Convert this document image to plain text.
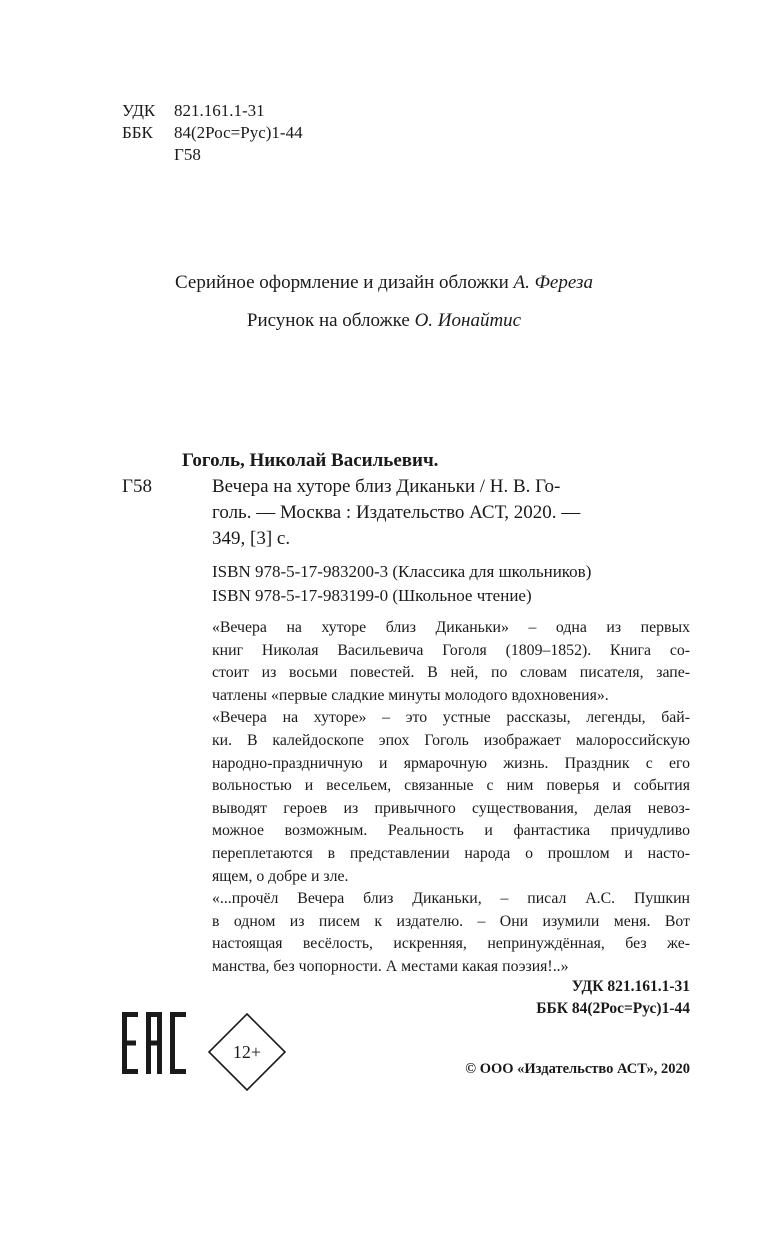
УДК 821.161.1-31
ББК 84(2Рос=Рус)1-44
Г58

Серийное оформление и дизайн обложки А. Фереза

Рисунок на обложке О. Ионайтис

Гоголь, Николай Васильевич.

Г58	Вечера на хуторе близ Диканьки / Н. В. Го-

голь. — Москва : Издательство АСТ, 2020. —

349, [3] с.

ISBN 978-5-17-983200-3 (Классика для школьников)

ISBN 978-5-17-983199-0 (Школьное чтение)

«Вечера на хуторе близ Диканьки» – одна из первых
книг Николая Васильевича Гоголя (1809–1852). Книга со-
стоит из восьми повестей. В ней, по словам писателя, запе-
чатлены «первые сладкие минуты молодого вдохновения».
«Вечера на хуторе» – это устные рассказы, легенды, бай-
ки. В калейдоскопе эпох Гоголь изображает малороссийскую
народно-праздничную и ярмарочную жизнь. Праздник с его
вольностью и весельем, связанные с ним поверья и события
выводят героев из привычного существования, делая невоз-
можное возможным. Реальность и фантастика причудливо
переплетаются в представлении народа о прошлом и насто-
ящем, о добре и зле.
«...прочёл Вечера близ Диканьки, – писал А.С. Пушкин
в одном из писем к издателю. – Они изумили меня. Вот
настоящая весёлость, искренняя, непринуждённая, без же-
манства, без чопорности. А местами какая поэзия!..»

УДК 821.161.1-31

ББК 84(2Рос=Рус)1-44

12+

© ООО «Издательство АСТ», 2020
